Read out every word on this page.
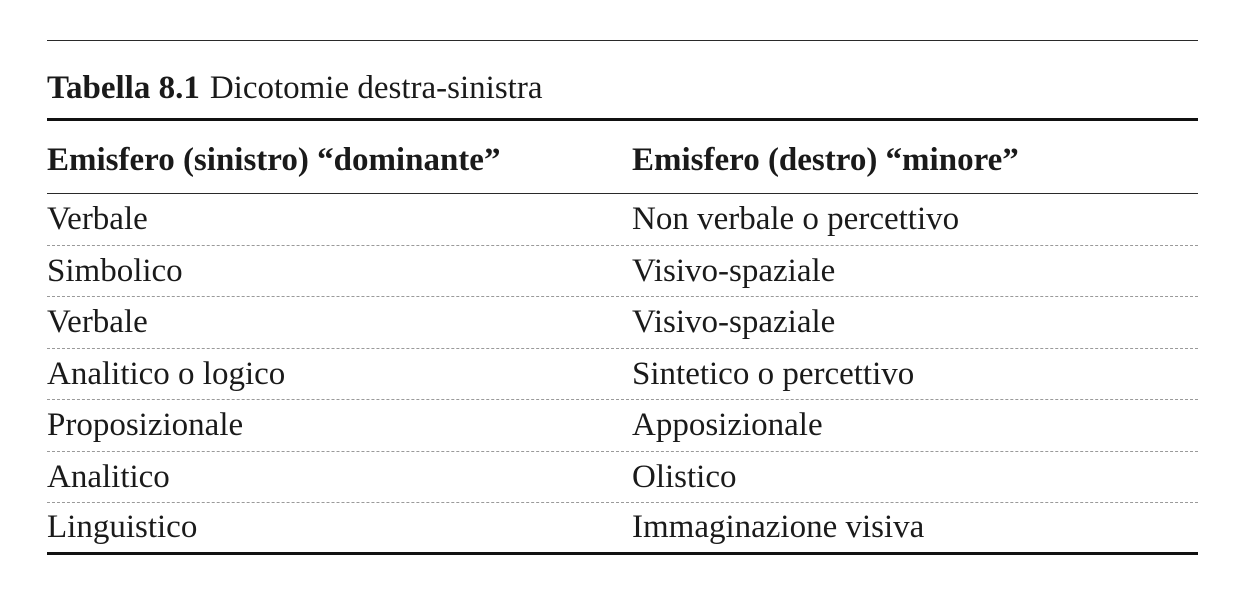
Tabella 8.1 Dicotomie destra-sinistra
Emisfero (sinistro) “dominante”	Emisfero (destro) “minore”
Verbale	Non verbale o percettivo
Simbolico	Visivo-spaziale
Verbale	Visivo-spaziale
Analitico o logico	Sintetico o percettivo
Proposizionale	Apposizionale
Analitico	Olistico
Linguistico	Immaginazione visiva
